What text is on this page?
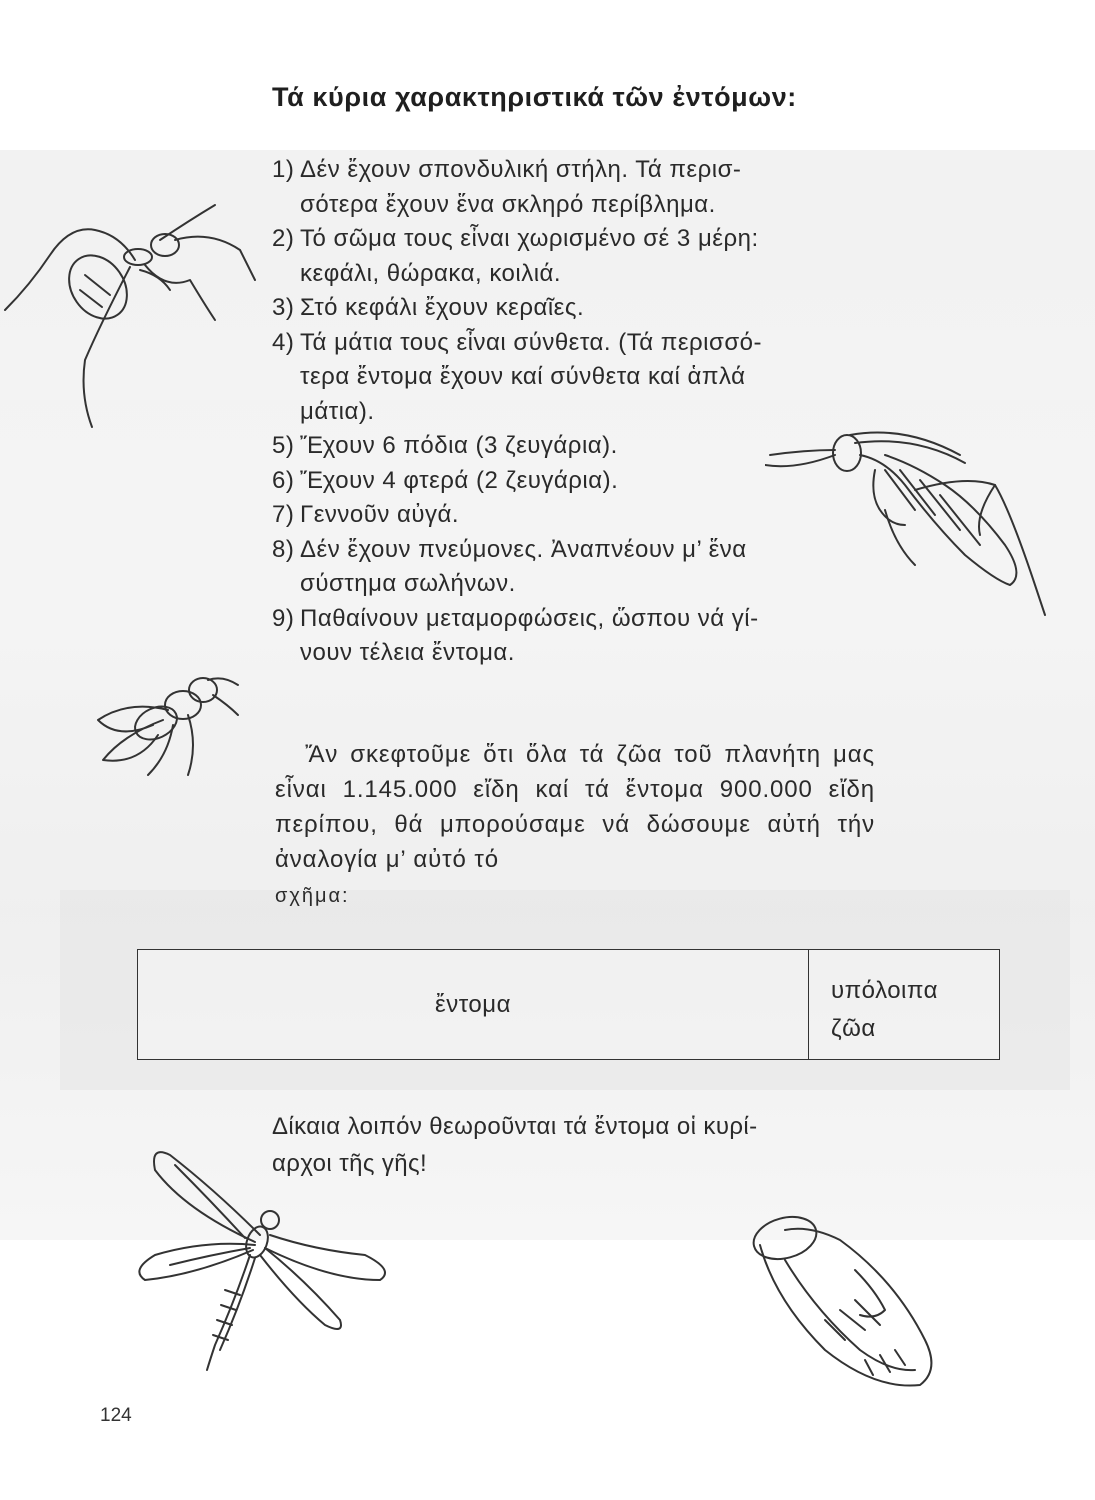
Τά κύρια χαρακτηριστικά τῶν ἐντόμων:
1) Δέν ἔχουν σπονδυλική στήλη. Τά περισ-
σότερα ἔχουν ἕνα σκληρό περίβλημα.
2) Τό σῶμα τους εἶναι χωρισμένο σέ 3 μέρη:
κεφάλι, θώρακα, κοιλιά.
3) Στό κεφάλι ἔχουν κεραῖες.
4) Τά μάτια τους εἶναι σύνθετα. (Τά περισσό-
τερα ἔντομα ἔχουν καί σύνθετα καί ἁπλά
μάτια).
5) Ἔχουν 6 πόδια (3 ζευγάρια).
6) Ἔχουν 4 φτερά (2 ζευγάρια).
7) Γεννοῦν αὐγά.
8) Δέν ἔχουν πνεύμονες. Ἀναπνέουν μ’ ἕνα
σύστημα σωλήνων.
9) Παθαίνουν μεταμορφώσεις, ὥσπου νά γί-
νουν τέλεια ἔντομα.

Ἄν σκεφτοῦμε ὅτι ὅλα τά ζῶα τοῦ πλανήτη μας εἶναι 1.145.000 εἴδη καί τά ἔντομα 900.000 εἴδη περίπου, θά μπορούσαμε νά δώσουμε αὐτή τήν ἀναλογία μ’ αὐτό τό
σχῆμα:

ἔντομα	υπόλοιπα
ζῶα

Δίκαια λοιπόν θεωροῦνται τά ἔντομα οἱ κυρί-
αρχοι τῆς γῆς!

124
